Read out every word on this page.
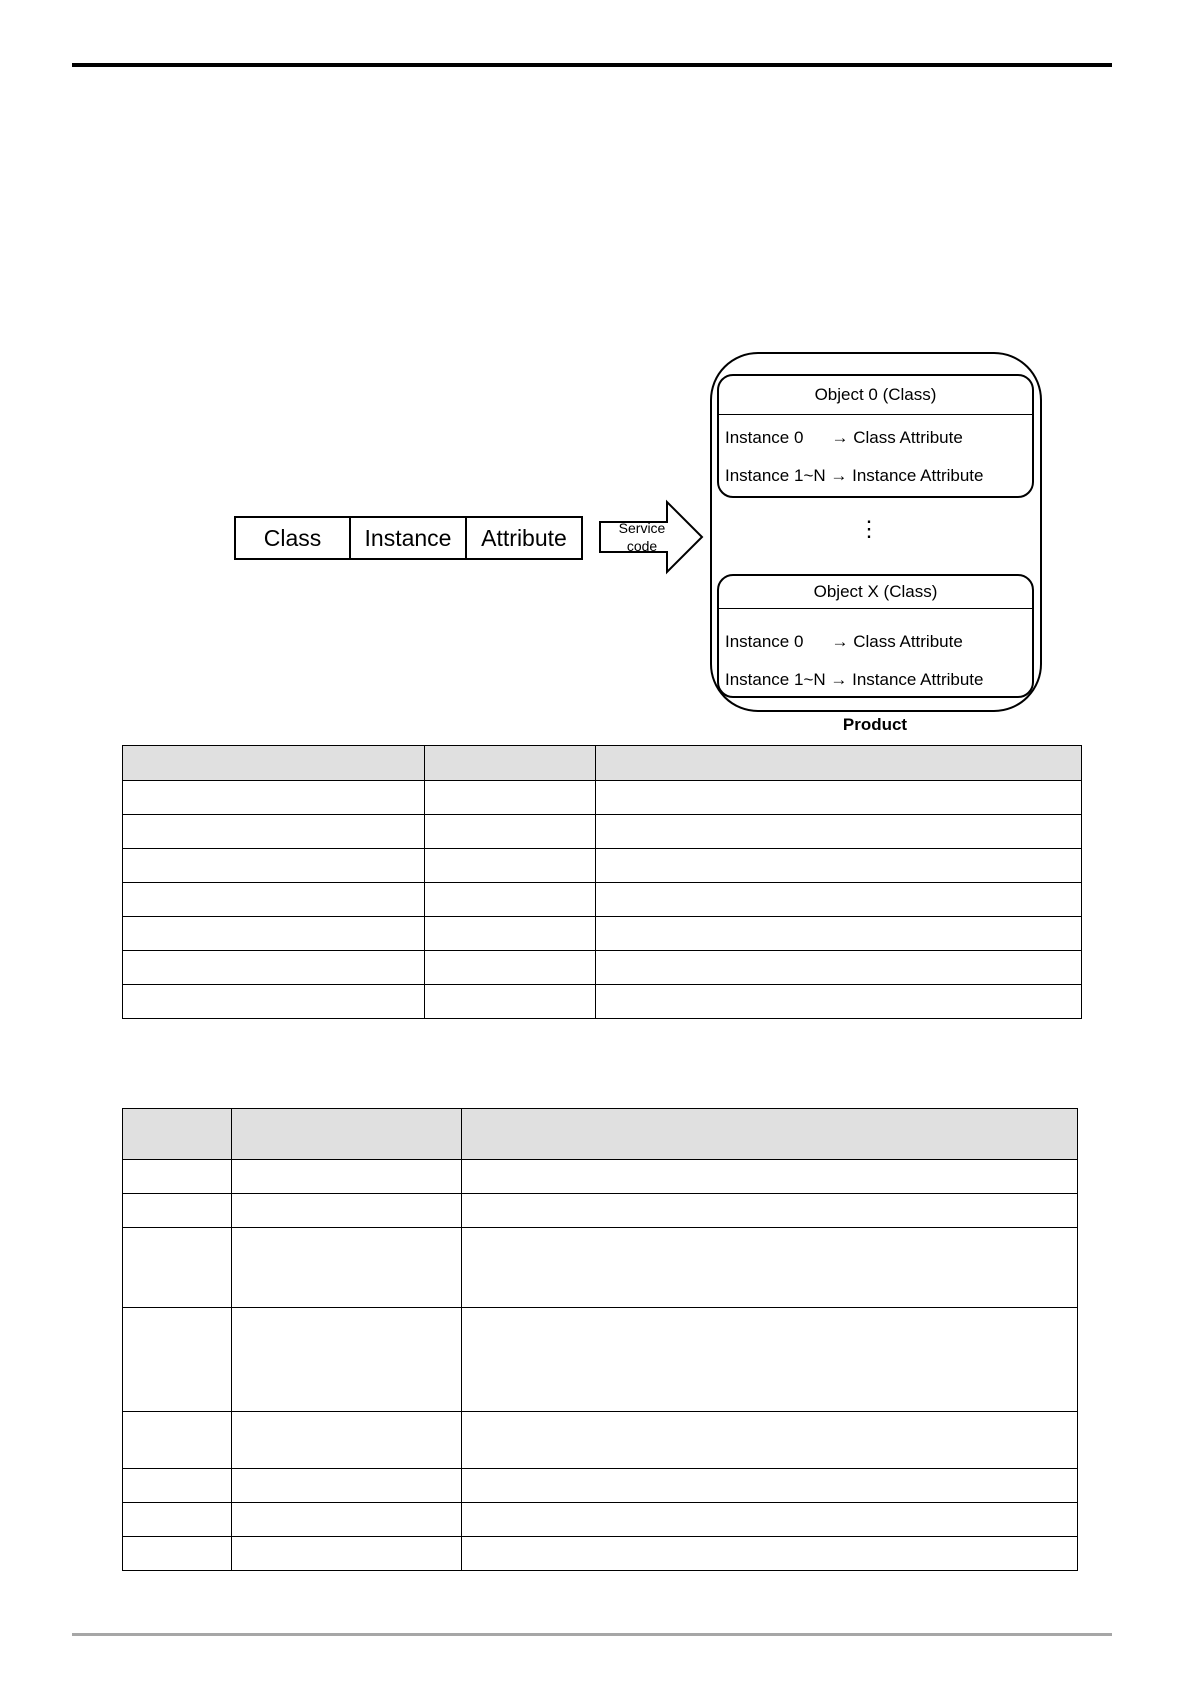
Class Instance Attribute	Service
code
Object 0 (Class)
Instance 0 → Class Attribute
Instance 1~N → Instance Attribute
⋮
Object X (Class)
Instance 0 → Class Attribute
Instance 1~N → Instance Attribute
Product
